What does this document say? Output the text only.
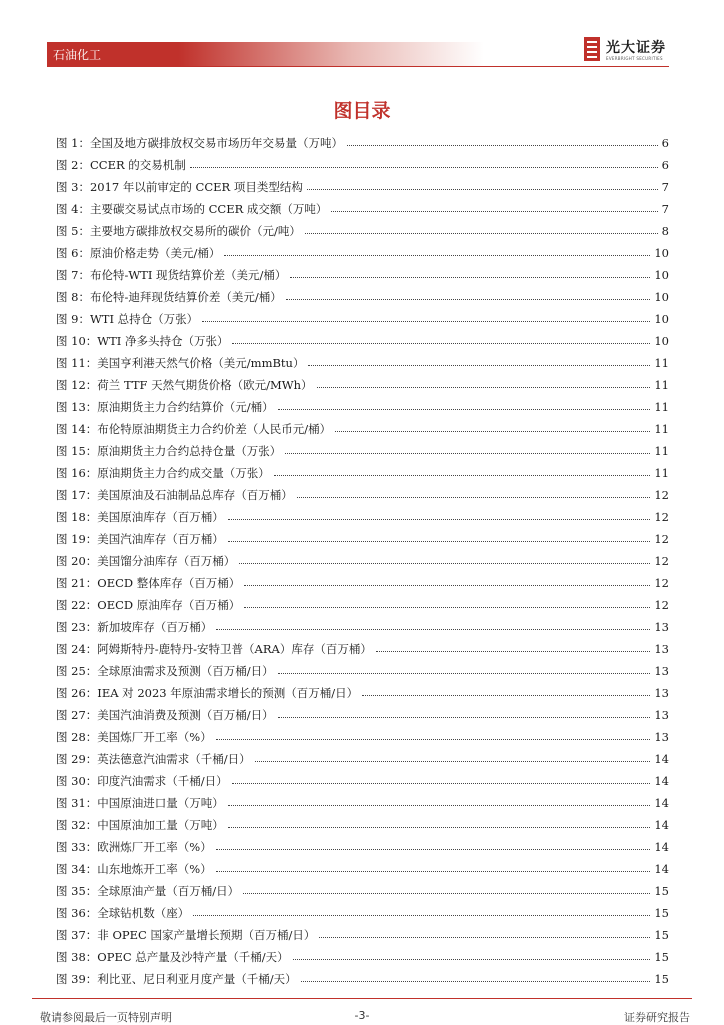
石油化工	光大证券
EVERBRIGHT SECURITIES
图目录
图 1：全国及地方碳排放权交易市场历年交易量（万吨）	6
图 2：CCER 的交易机制	6
图 3：2017 年以前审定的 CCER 项目类型结构	7
图 4：主要碳交易试点市场的 CCER 成交额（万吨）	7
图 5：主要地方碳排放权交易所的碳价（元/吨）	8
图 6：原油价格走势（美元/桶）	10
图 7：布伦特-WTI 现货结算价差（美元/桶）	10
图 8：布伦特-迪拜现货结算价差（美元/桶）	10
图 9：WTI 总持仓（万张）	10
图 10：WTI 净多头持仓（万张）	10
图 11：美国亨利港天然气价格（美元/mmBtu）	11
图 12：荷兰 TTF 天然气期货价格（欧元/MWh）	11
图 13：原油期货主力合约结算价（元/桶）	11
图 14：布伦特原油期货主力合约价差（人民币元/桶）	11
图 15：原油期货主力合约总持仓量（万张）	11
图 16：原油期货主力合约成交量（万张）	11
图 17：美国原油及石油制品总库存（百万桶）	12
图 18：美国原油库存（百万桶）	12
图 19：美国汽油库存（百万桶）	12
图 20：美国馏分油库存（百万桶）	12
图 21：OECD 整体库存（百万桶）	12
图 22：OECD 原油库存（百万桶）	12
图 23：新加坡库存（百万桶）	13
图 24：阿姆斯特丹-鹿特丹-安特卫普（ARA）库存（百万桶）	13
图 25：全球原油需求及预测（百万桶/日）	13
图 26：IEA 对 2023 年原油需求增长的预测（百万桶/日）	13
图 27：美国汽油消费及预测（百万桶/日）	13
图 28：美国炼厂开工率（%）	13
图 29：英法德意汽油需求（千桶/日）	14
图 30：印度汽油需求（千桶/日）	14
图 31：中国原油进口量（万吨）	14
图 32：中国原油加工量（万吨）	14
图 33：欧洲炼厂开工率（%）	14
图 34：山东地炼开工率（%）	14
图 35：全球原油产量（百万桶/日）	15
图 36：全球钻机数（座）	15
图 37：非 OPEC 国家产量增长预期（百万桶/日）	15
图 38：OPEC 总产量及沙特产量（千桶/天）	15
图 39：利比亚、尼日利亚月度产量（千桶/天）	15
敬请参阅最后一页特别声明	-3-	证券研究报告
